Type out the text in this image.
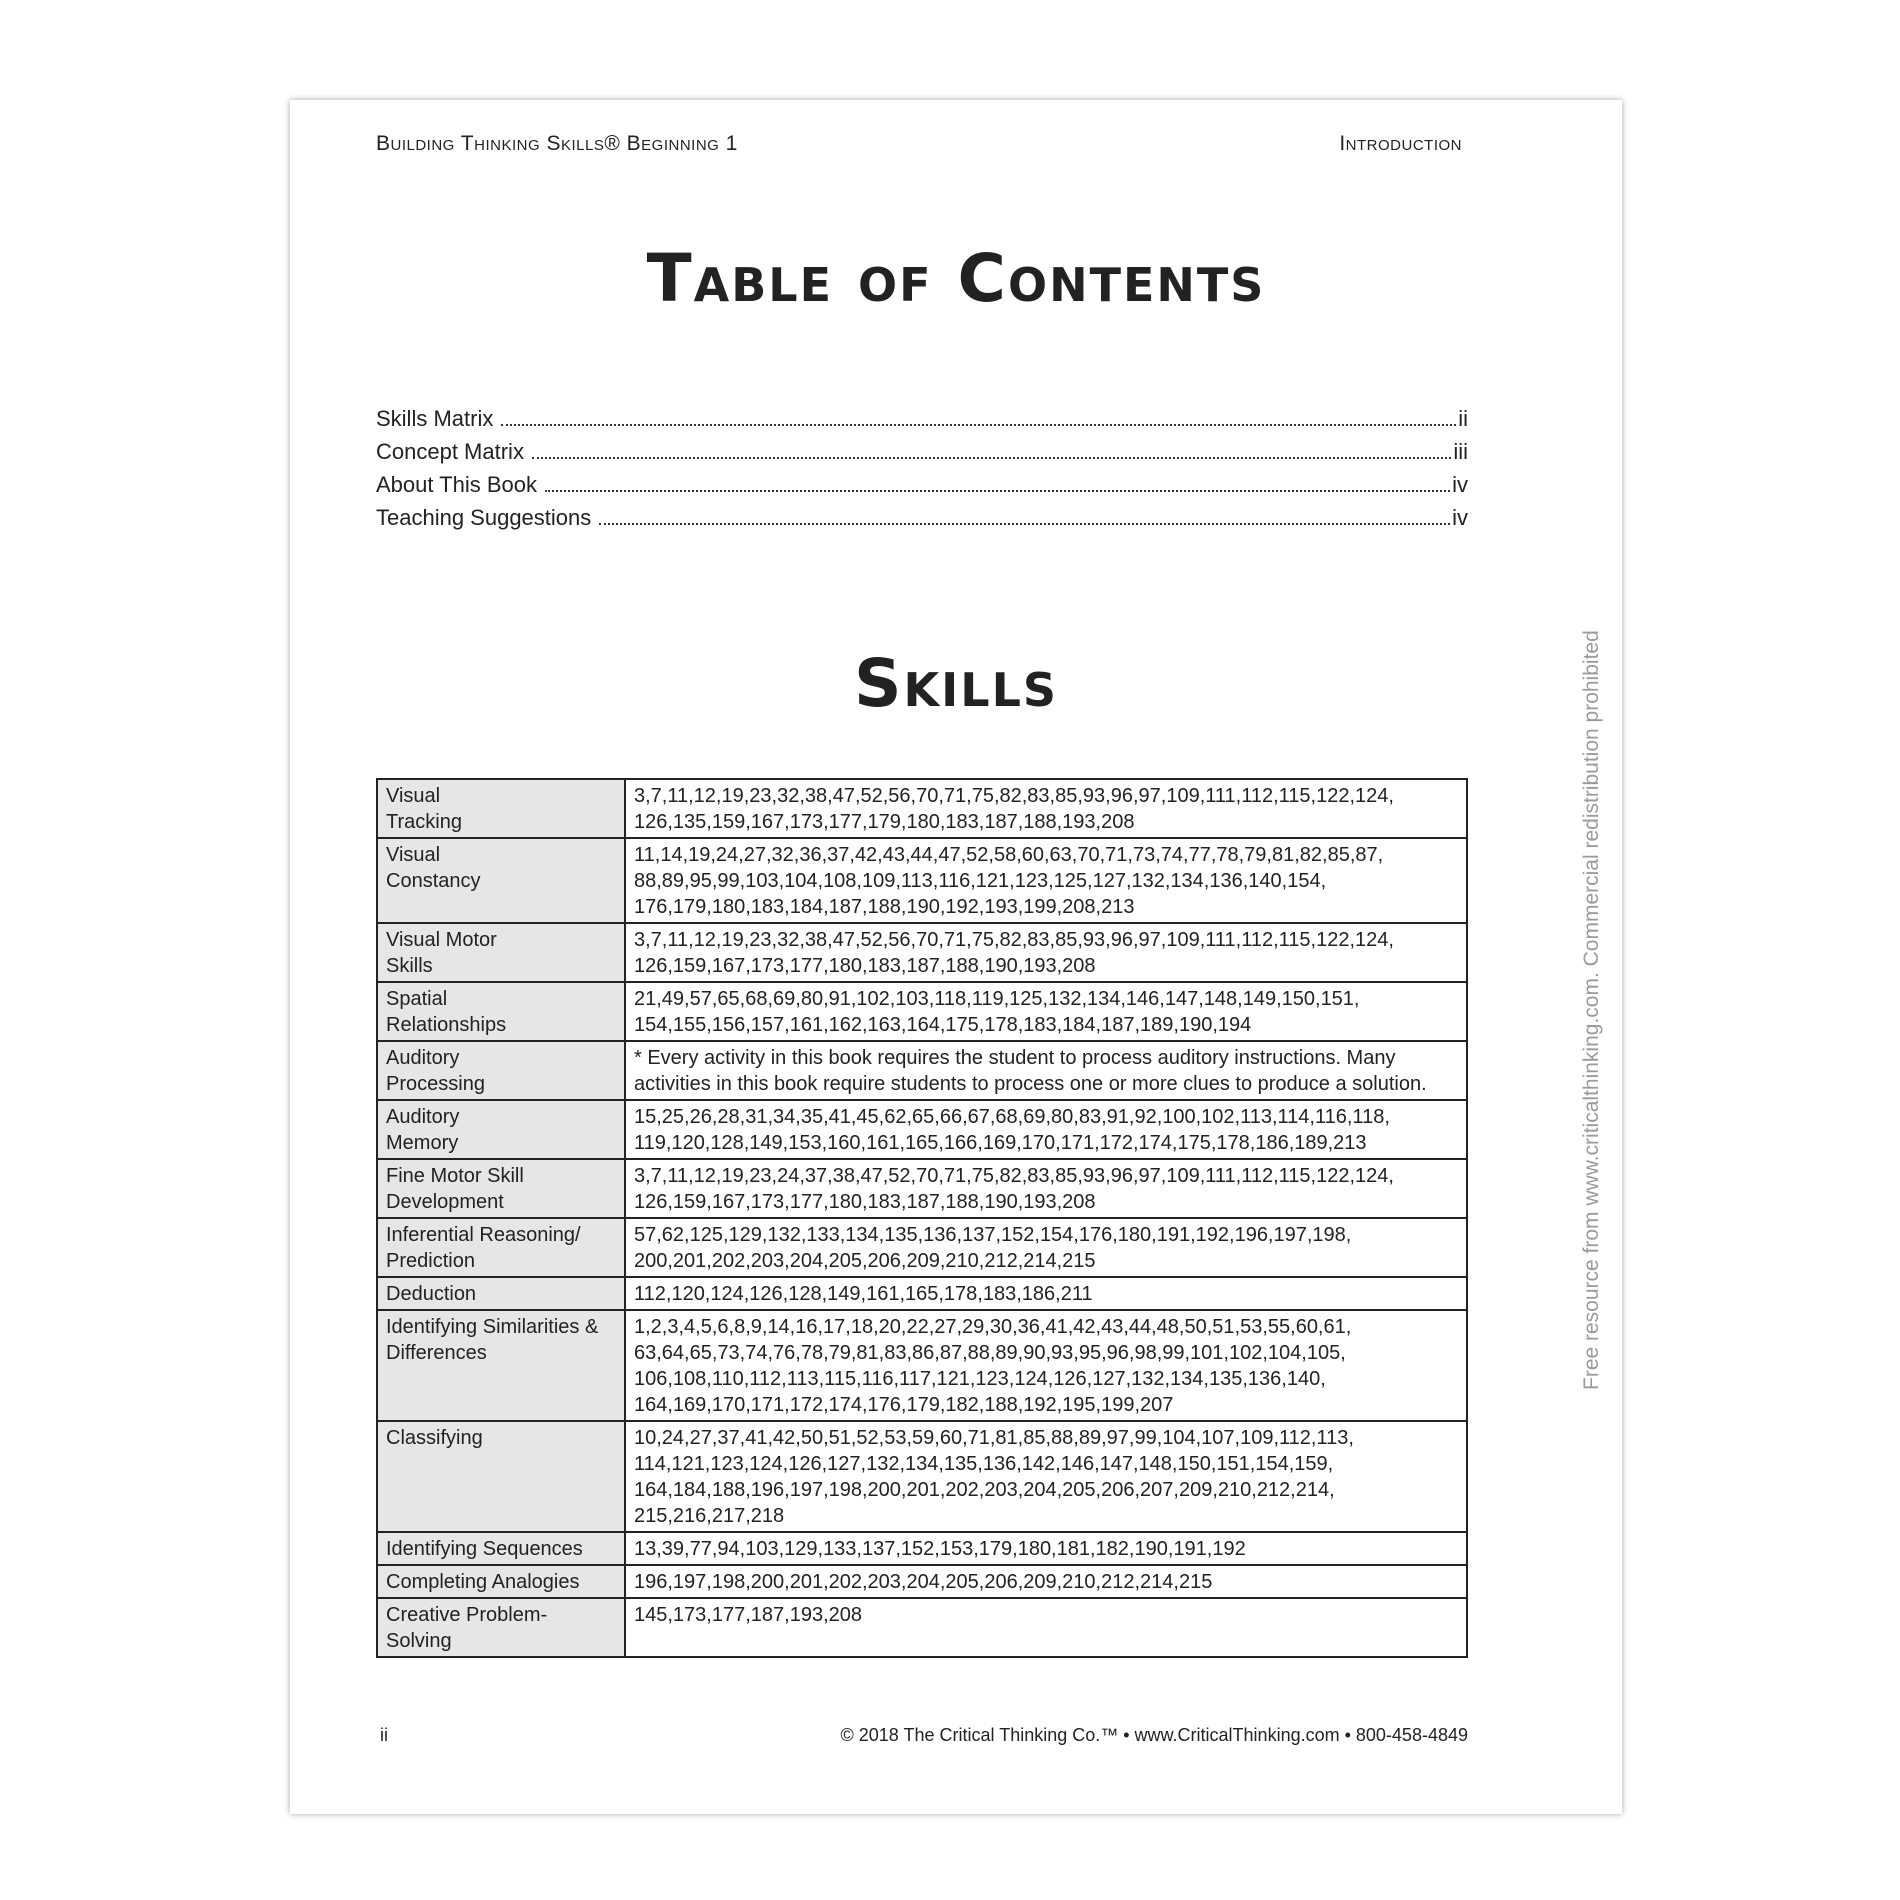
Building Thinking Skills® Beginning 1	Introduction
Table of Contents
Skills Matrix	ii
Concept Matrix	iii
About This Book	iv
Teaching Suggestions	iv
Skills
Visual
Tracking	3,7,11,12,19,23,32,38,47,52,56,70,71,75,82,83,85,93,96,97,109,111,112,115,122,124, 126,135,159,167,173,177,179,180,183,187,188,193,208
Visual
Constancy	11,14,19,24,27,32,36,37,42,43,44,47,52,58,60,63,70,71,73,74,77,78,79,81,82,85,87, 88,89,95,99,103,104,108,109,113,116,121,123,125,127,132,134,136,140,154, 176,179,180,183,184,187,188,190,192,193,199,208,213
Visual Motor
Skills	3,7,11,12,19,23,32,38,47,52,56,70,71,75,82,83,85,93,96,97,109,111,112,115,122,124, 126,159,167,173,177,180,183,187,188,190,193,208
Spatial
Relationships	21,49,57,65,68,69,80,91,102,103,118,119,125,132,134,146,147,148,149,150,151, 154,155,156,157,161,162,163,164,175,178,183,184,187,189,190,194
Auditory
Processing	* Every activity in this book requires the student to process auditory instructions. Many activities in this book require students to process one or more clues to produce a solution.
Auditory
Memory	15,25,26,28,31,34,35,41,45,62,65,66,67,68,69,80,83,91,92,100,102,113,114,116,118, 119,120,128,149,153,160,161,165,166,169,170,171,172,174,175,178,186,189,213
Fine Motor Skill
Development	3,7,11,12,19,23,24,37,38,47,52,70,71,75,82,83,85,93,96,97,109,111,112,115,122,124, 126,159,167,173,177,180,183,187,188,190,193,208
Inferential Reasoning/
Prediction	57,62,125,129,132,133,134,135,136,137,152,154,176,180,191,192,196,197,198, 200,201,202,203,204,205,206,209,210,212,214,215
Deduction	112,120,124,126,128,149,161,165,178,183,186,211
Identifying Similarities &
Differences	1,2,3,4,5,6,8,9,14,16,17,18,20,22,27,29,30,36,41,42,43,44,48,50,51,53,55,60,61, 63,64,65,73,74,76,78,79,81,83,86,87,88,89,90,93,95,96,98,99,101,102,104,105, 106,108,110,112,113,115,116,117,121,123,124,126,127,132,134,135,136,140, 164,169,170,171,172,174,176,179,182,188,192,195,199,207
Classifying	10,24,27,37,41,42,50,51,52,53,59,60,71,81,85,88,89,97,99,104,107,109,112,113, 114,121,123,124,126,127,132,134,135,136,142,146,147,148,150,151,154,159, 164,184,188,196,197,198,200,201,202,203,204,205,206,207,209,210,212,214, 215,216,217,218
Identifying Sequences	13,39,77,94,103,129,133,137,152,153,179,180,181,182,190,191,192
Completing Analogies	196,197,198,200,201,202,203,204,205,206,209,210,212,214,215
Creative Problem-
Solving	145,173,177,187,193,208
ii	© 2018 The Critical Thinking Co.™ • www.CriticalThinking.com • 800-458-4849
Free resource from www.criticalthinking.com. Commercial redistribution prohibited
